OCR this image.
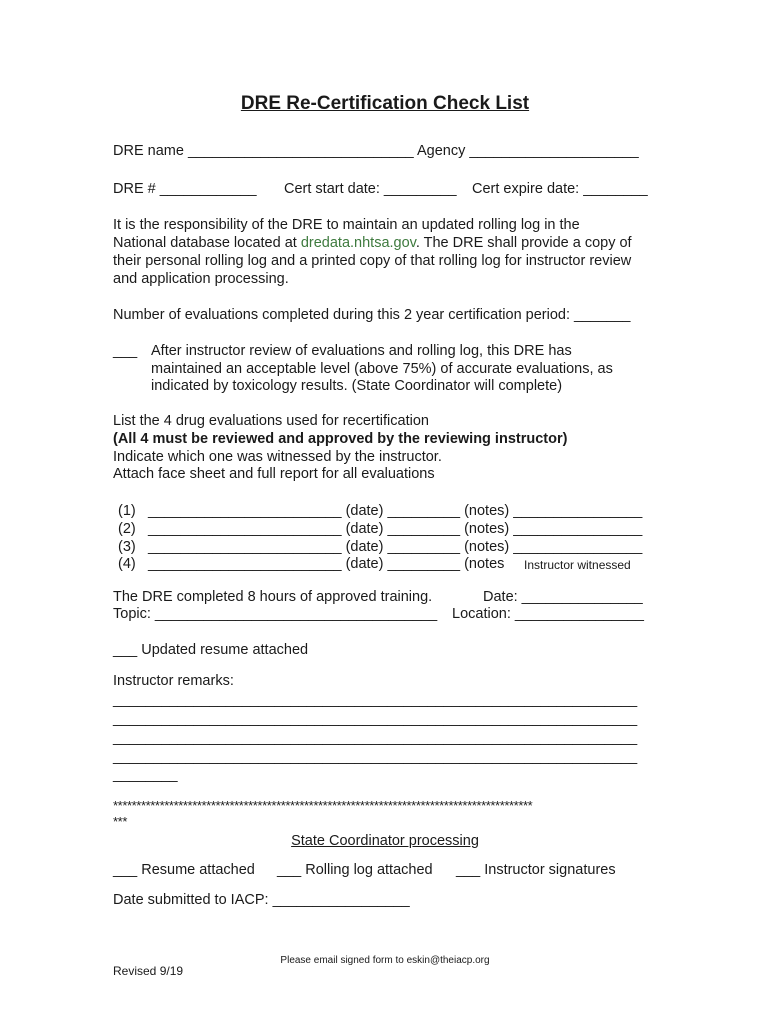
DRE Re-Certification Check List
DRE name ____________________________ Agency _____________________
DRE # ____________ Cert start date: _________ Cert expire date: ________
It is the responsibility of the DRE to maintain an updated rolling log in the
National database located at dredata.nhtsa.gov. The DRE shall provide a copy of
their personal rolling log and a printed copy of that rolling log for instructor review
and application processing.
Number of evaluations completed during this 2 year certification period: _______
___ After instructor review of evaluations and rolling log, this DRE has
maintained an acceptable level (above 75%) of accurate evaluations, as
indicated by toxicology results. (State Coordinator will complete)
List the 4 drug evaluations used for recertification
(All 4 must be reviewed and approved by the reviewing instructor)
Indicate which one was witnessed by the instructor.
Attach face sheet and full report for all evaluations
(1) ________________________ (date) _________ (notes) ________________
(2) ________________________ (date) _________ (notes) ________________
(3) ________________________ (date) _________ (notes) ________________
(4) ________________________ (date) _________ (notes Instructor witnessed
The DRE completed 8 hours of approved training.	Date: _______________
Topic: ___________________________________ Location: ________________
___ Updated resume attached
Instructor remarks:
_________________________________________________________________
_________________________________________________________________
_________________________________________________________________
_________________________________________________________________
________
******************************************************************************************
***
State Coordinator processing
___ Resume attached ___ Rolling log attached ___ Instructor signatures
Date submitted to IACP: _________________
Please email signed form to eskin@theiacp.org
Revised 9/19
